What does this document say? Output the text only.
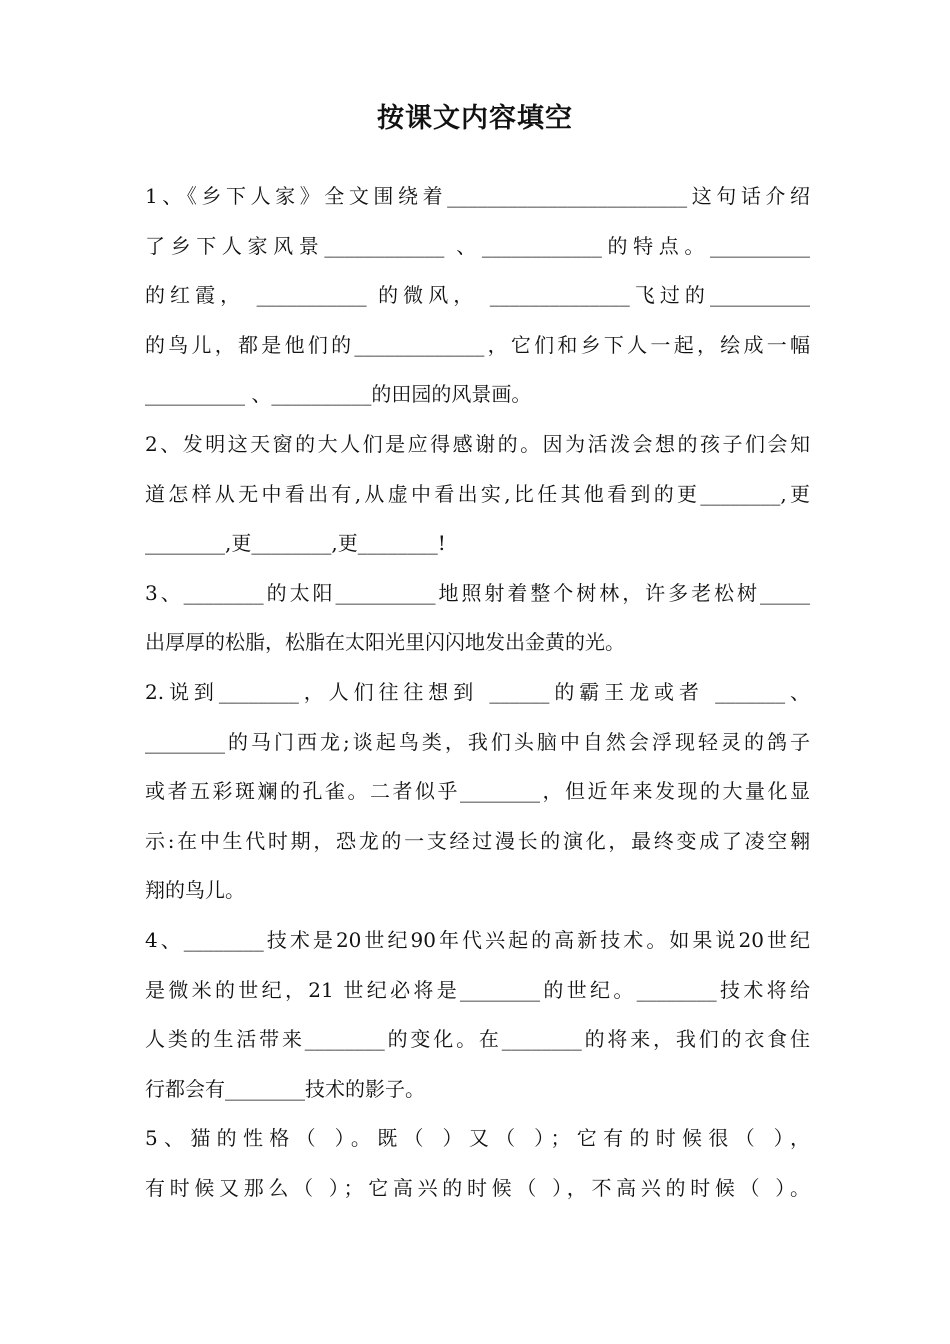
按课文内容填空
1、《乡下人家》全文围绕着________________________这句话介绍
了乡下人家风景____________ 、____________的特点。__________
的红霞， ___________ 的微风， ______________飞过的__________
的鸟儿，都是他们的_____________，它们和乡下人一起，绘成一幅
__________ 、__________的田园的风景画。
2、发明这天窗的大人们是应得感谢的。因为活泼会想的孩子们会知
道怎样从无中看出有,从虚中看出实,比任其他看到的更________,更
________,更________,更________!
3、________的太阳__________地照射着整个树林，许多老松树_____
出厚厚的松脂，松脂在太阳光里闪闪地发出金黄的光。
2.说到________，人们往往想到 ______的霸王龙或者 _______、
________的马门西龙;谈起鸟类，我们头脑中自然会浮现轻灵的鸽子
或者五彩斑斓的孔雀。二者似乎________，但近年来发现的大量化显
示:在中生代时期，恐龙的一支经过漫长的演化，最终变成了凌空翱
翔的鸟儿。
4、________技术是20世纪90年代兴起的高新技术。如果说20世纪
是微米的世纪，21 世纪必将是________的世纪。________技术将给
人类的生活带来________的变化。在________的将来，我们的衣食住
行都会有________技术的影子。
5、猫的性格（ ）。既（ ）又（ ）；它有的时候很（ ），
有时候又那么（ ）；它高兴的时候（ ），不高兴的时候（ ）。
